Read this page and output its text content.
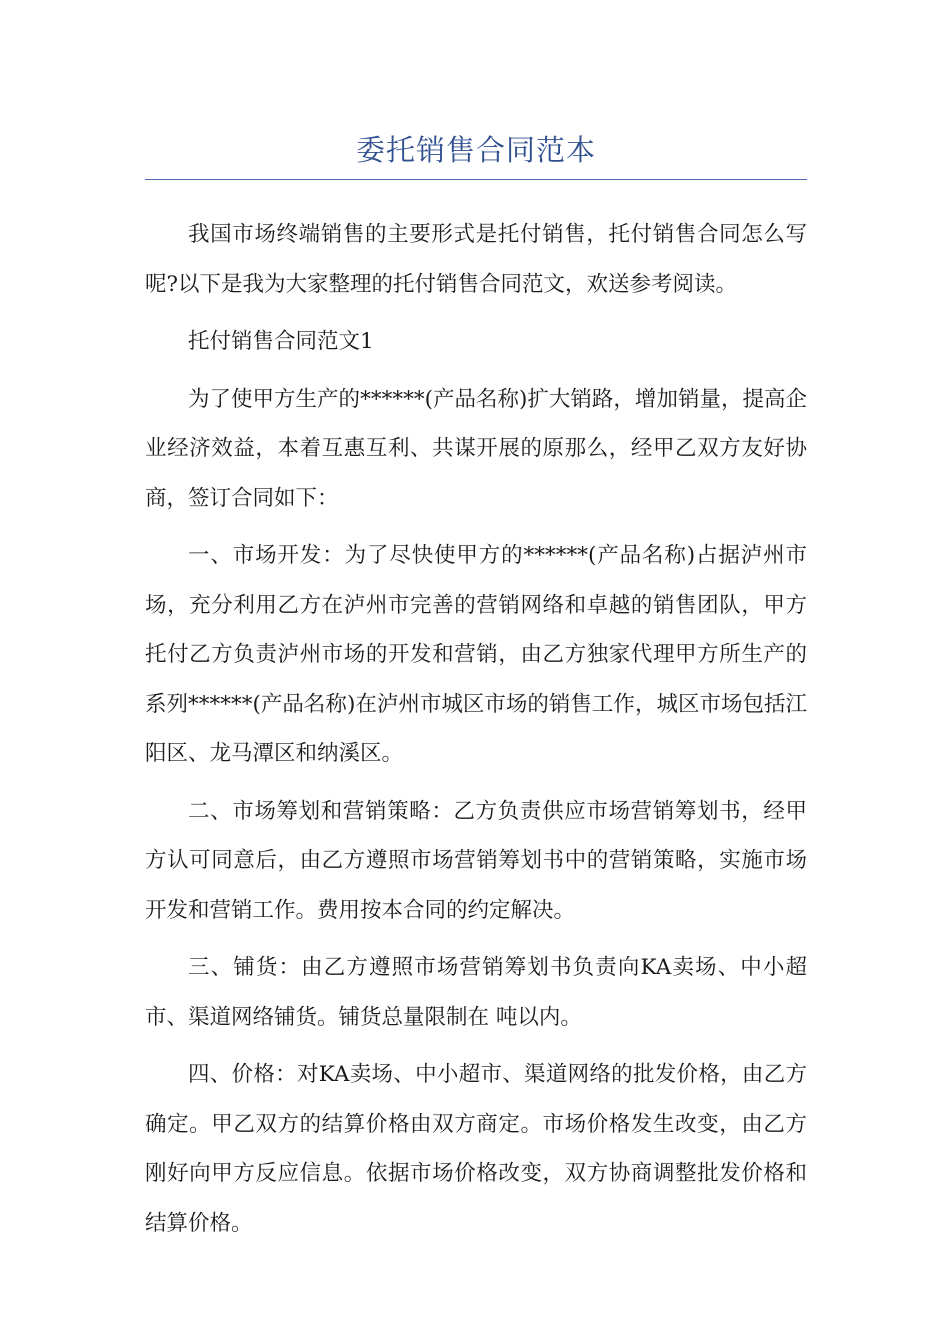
委托销售合同范本

我国市场终端销售的主要形式是托付销售，托付销售合同怎么写呢?以下是我为大家整理的托付销售合同范文，欢送参考阅读。

托付销售合同范文1

为了使甲方生产的******(产品名称)扩大销路，增加销量，提高企业经济效益，本着互惠互利、共谋开展的原那么，经甲乙双方友好协商，签订合同如下：

一、市场开发：为了尽快使甲方的******(产品名称)占据泸州市场，充分利用乙方在泸州市完善的营销网络和卓越的销售团队，甲方托付乙方负责泸州市场的开发和营销，由乙方独家代理甲方所生产的系列******(产品名称)在泸州市城区市场的销售工作，城区市场包括江阳区、龙马潭区和纳溪区。

二、市场筹划和营销策略：乙方负责供应市场营销筹划书，经甲方认可同意后，由乙方遵照市场营销筹划书中的营销策略，实施市场开发和营销工作。费用按本合同的约定解决。

三、铺货：由乙方遵照市场营销筹划书负责向KA卖场、中小超市、渠道网络铺货。铺货总量限制在 吨以内。

四、价格：对KA卖场、中小超市、渠道网络的批发价格，由乙方确定。甲乙双方的结算价格由双方商定。市场价格发生改变，由乙方刚好向甲方反应信息。依据市场价格改变，双方协商调整批发价格和结算价格。
